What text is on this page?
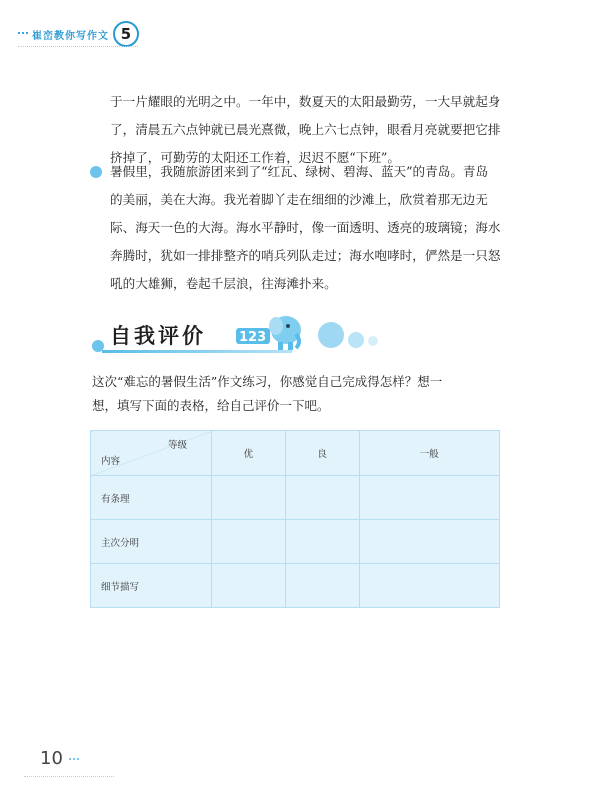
崔峦教你写作文 5
于一片耀眼的光明之中。一年中，数夏天的太阳最勤劳，一大早就起身
了，清晨五六点钟就已晨光熹微，晚上六七点钟，眼看月亮就要把它排
挤掉了，可勤劳的太阳还工作着，迟迟不愿“下班”。
暑假里，我随旅游团来到了“红瓦、绿树、碧海、蓝天”的青岛。青岛
的美丽，美在大海。我光着脚丫走在细细的沙滩上，欣赏着那无边无
际、海天一色的大海。海水平静时，像一面透明、透亮的玻璃镜；海水
奔腾时，犹如一排排整齐的哨兵列队走过；海水咆哮时，俨然是一只怒
吼的大雄狮，卷起千层浪，往海滩扑来。
自我评价	123
这次“难忘的暑假生活”作文练习，你感觉自己完成得怎样？想一
想，填写下面的表格，给自己评价一下吧。
等级
内容	优	良	一般
有条理			
主次分明			
细节描写			
10
